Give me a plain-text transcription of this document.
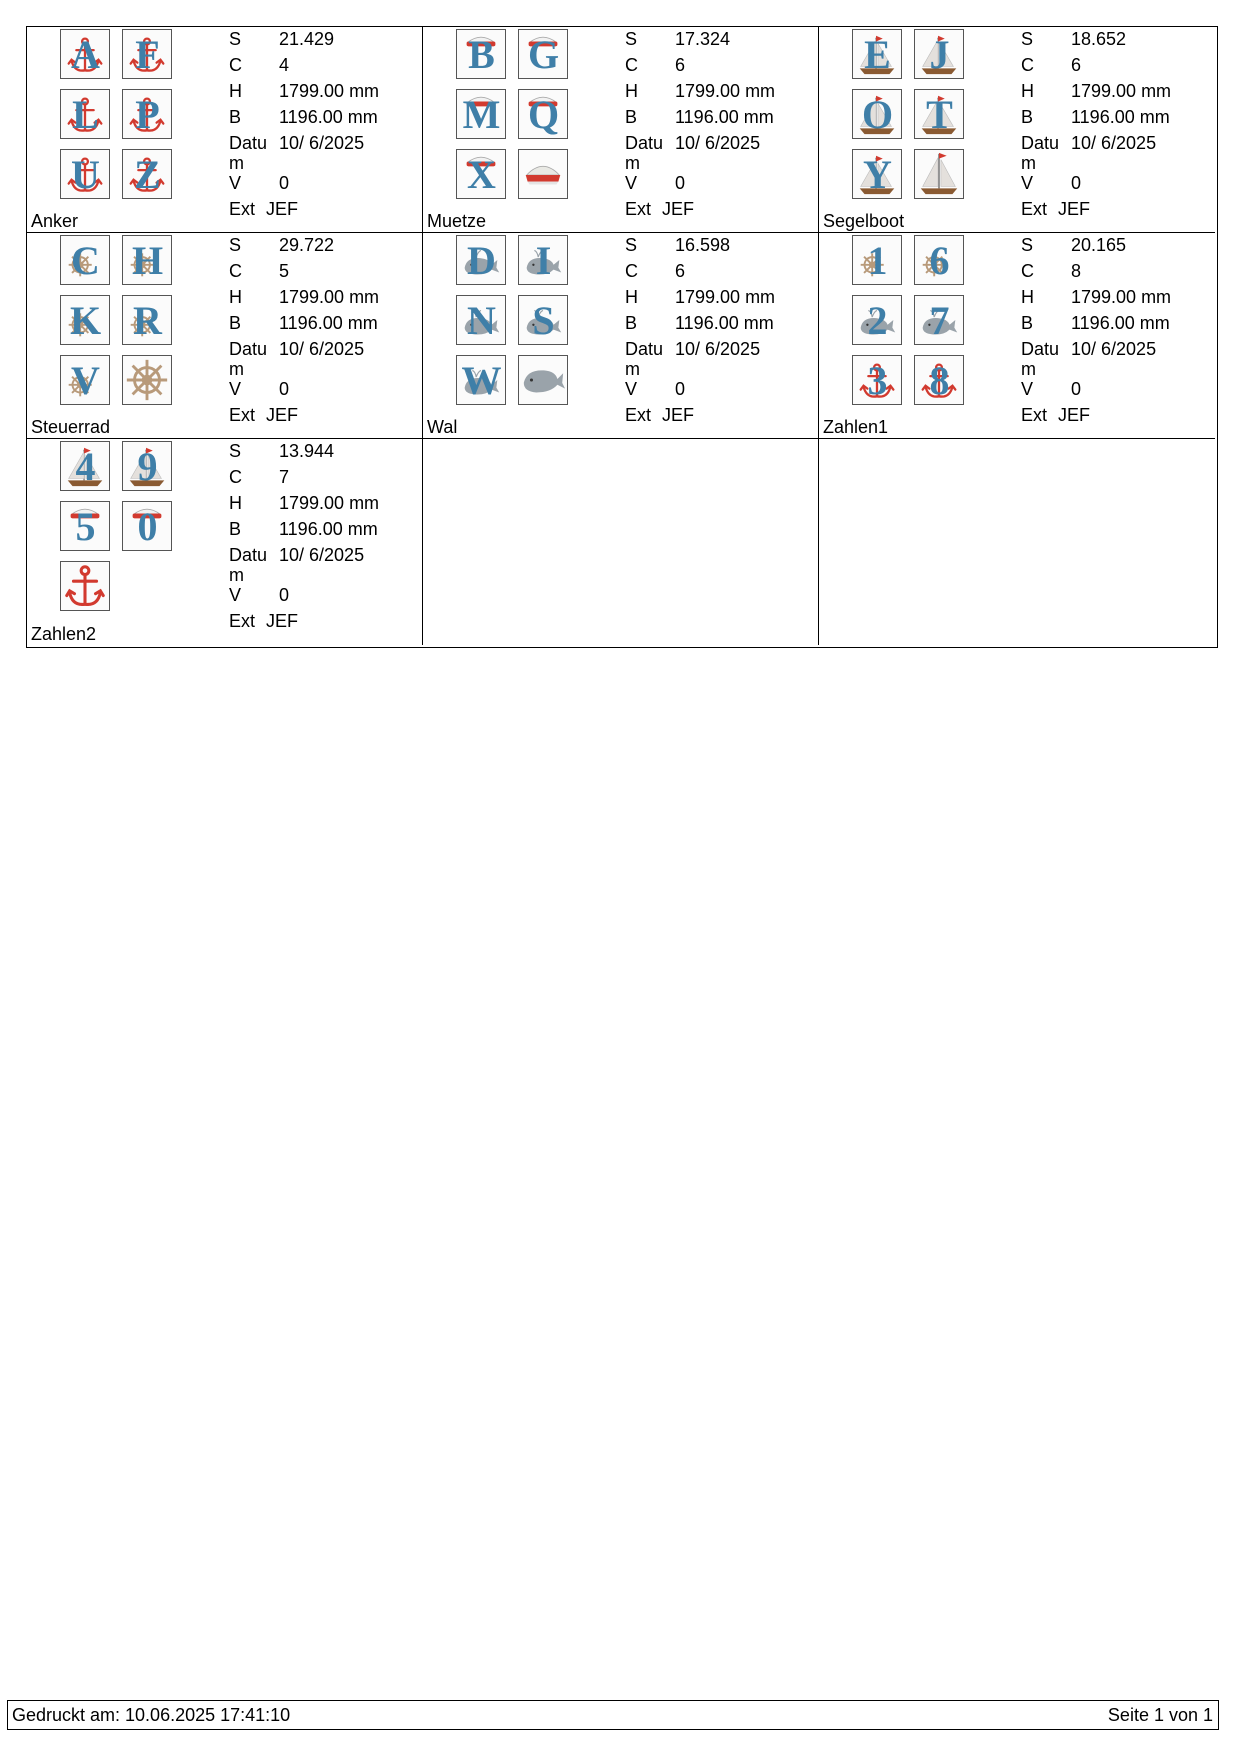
A F
L P
U Z
S	21.429
C	4
H	1799.00 mm
B	1196.00 mm
Datu
m
10/ 6/2025
V	0
Ext JEF
Anker
B G
M Q
X
S	17.324
C	6
H	1799.00 mm
B	1196.00 mm
Datu
m
10/ 6/2025
V	0
Ext JEF
Muetze
E J
O T
Y
S	18.652
C	6
H	1799.00 mm
B	1196.00 mm
Datu
m
10/ 6/2025
V	0
Ext JEF
Segelboot
C H
K R
V
S	29.722
C	5
H	1799.00 mm
B	1196.00 mm
Datu
m
10/ 6/2025
V	0
Ext JEF
Steuerrad
D	I
N S
W
S	16.598
C	6
H	1799.00 mm
B	1196.00 mm
Datu
m
10/ 6/2025
V	0
Ext JEF
Wal
1	6
2	7
3	8
S	20.165
C	8
H	1799.00 mm
B	1196.00 mm
Datu
m
10/ 6/2025
V	0
Ext JEF
Zahlen1
4	9
5	0
S	13.944
C	7
H	1799.00 mm
B	1196.00 mm
Datu
m
10/ 6/2025
V	0
Ext JEF
Zahlen2
Gedruckt am: 10.06.2025 17:41:10	Seite 1 von 1
